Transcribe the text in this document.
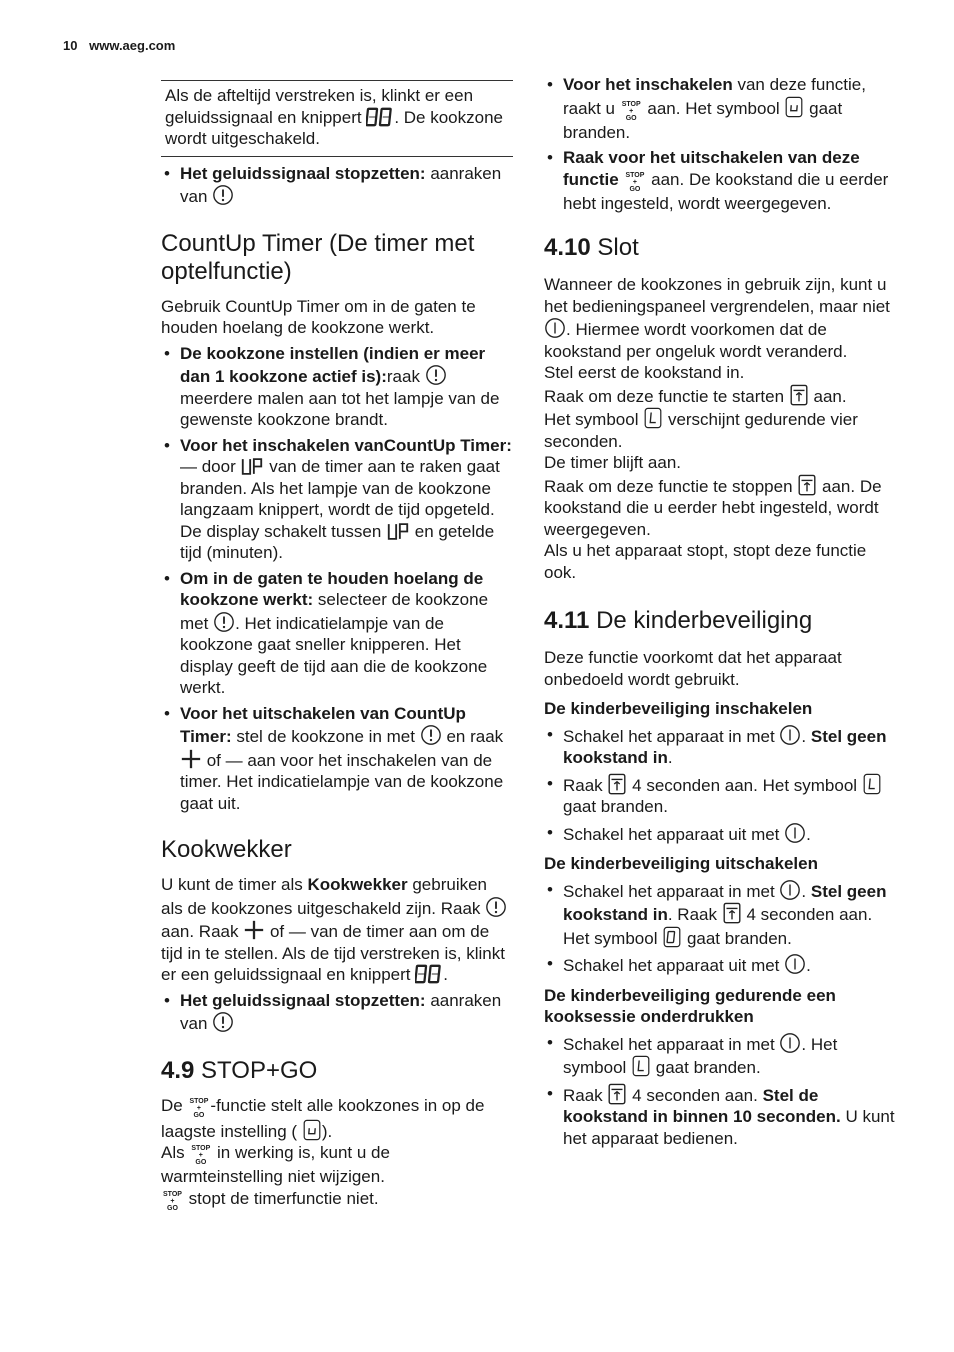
10 www.aeg.com

Als de afteltijd verstreken is, klinkt er een geluidssignaal en knippert . De kookzone wordt uitgeschakeld.

• Het geluidssignaal stopzetten: aanraken van
CountUp Timer (De timer met optelfunctie)

Gebruik CountUp Timer om in de gaten te houden hoelang de kookzone werkt.

• De kookzone instellen (indien er meer dan 1 kookzone actief is):raak  meerdere malen aan tot het lampje van de gewenste kookzone brandt.
• Voor het inschakelen vanCountUp Timer: — door  van de timer aan te raken gaat branden. Als het lampje van de kookzone langzaam knippert, wordt de tijd opgeteld. De display schakelt tussen  en getelde tijd (minuten).
• Om in de gaten te houden hoelang de kookzone werkt: selecteer de kookzone met . Het indicatielampje van de kookzone gaat sneller knipperen. Het display geeft de tijd aan die de kookzone werkt.
• Voor het uitschakelen van CountUp Timer: stel de kookzone in met  en raak  of — aan voor het inschakelen van de timer. Het indicatielampje van de kookzone gaat uit.
Kookwekker

U kunt de timer als Kookwekker gebruiken als de kookzones uitgeschakeld zijn. Raak  aan. Raak  of — van de timer aan om de tijd in te stellen. Als de tijd verstreken is, klinkt er een geluidssignaal en knippert .

• Het geluidssignaal stopzetten: aanraken van
4.9 STOP+GO

De STOP
+
GO-functie stelt alle kookzones in op de laagste instelling ( ).

Als STOP
+
GO in werking is, kunt u de warmteinstelling niet wijzigen.

STOP
+
GO stopt de timerfunctie niet.

• Voor het inschakelen van deze functie, raakt u STOP
+
GO aan. Het symbool  gaat branden.
• Raak voor het uitschakelen van deze functie STOP
+
GO aan. De kookstand die u eerder hebt ingesteld, wordt weergegeven.
4.10 Slot

Wanneer de kookzones in gebruik zijn, kunt u het bedieningspaneel vergrendelen, maar niet . Hiermee wordt voorkomen dat de kookstand per ongeluk wordt veranderd.
Stel eerst de kookstand in.
Raak om deze functie te starten  aan.
Het symbool  verschijnt gedurende vier seconden.
De timer blijft aan.
Raak om deze functie te stoppen  aan. De kookstand die u eerder hebt ingesteld, wordt weergegeven.
Als u het apparaat stopt, stopt deze functie ook.

4.11 De kinderbeveiliging

Deze functie voorkomt dat het apparaat onbedoeld wordt gebruikt.

De kinderbeveiliging inschakelen
• Schakel het apparaat in met . Stel geen kookstand in.
• Raak  4 seconden aan. Het symbool  gaat branden.
• Schakel het apparaat uit met .
De kinderbeveiliging uitschakelen
• Schakel het apparaat in met . Stel geen kookstand in. Raak  4 seconden aan. Het symbool  gaat branden.
• Schakel het apparaat uit met .
De kinderbeveiliging gedurende een kooksessie onderdrukken
• Schakel het apparaat in met . Het symbool  gaat branden.
• Raak  4 seconden aan. Stel de kookstand in binnen 10 seconden. U kunt het apparaat bedienen.
